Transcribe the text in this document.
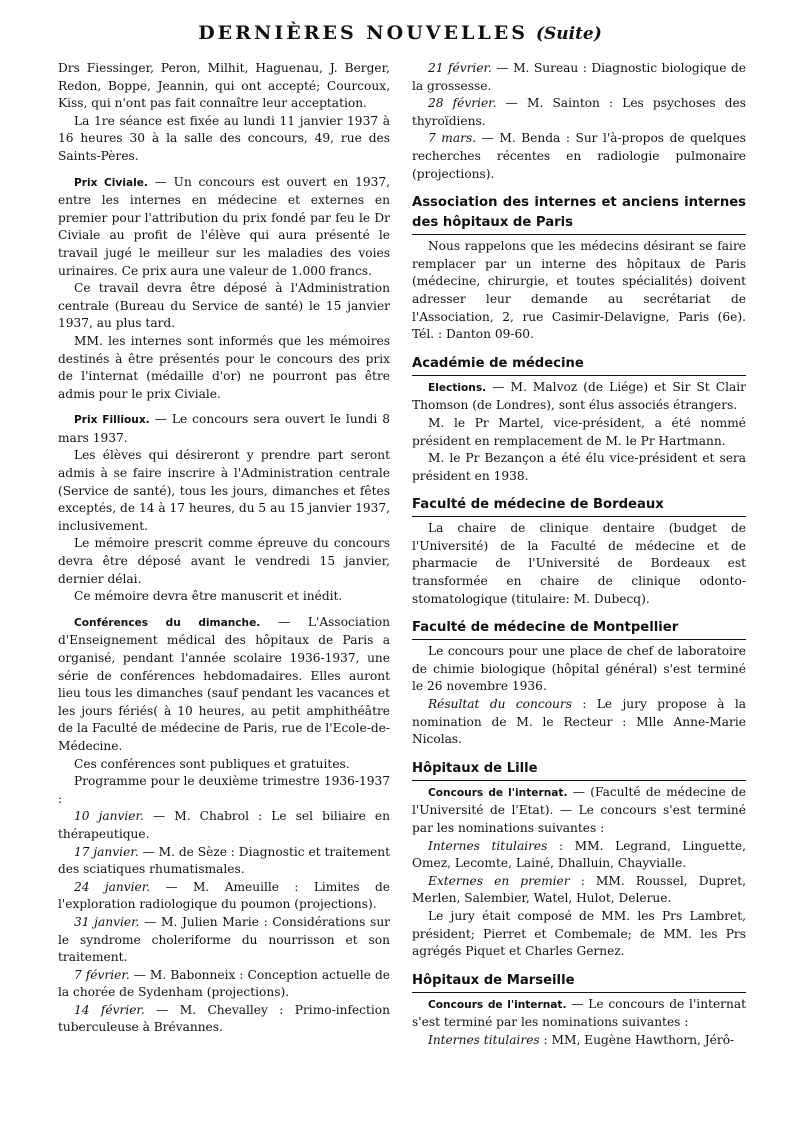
DERNIÈRES NOUVELLES (Suite)

Drs Fiessinger, Peron, Milhit, Haguenau, J. Berger, Redon, Boppe, Jeannin, qui ont accepté; Courcoux, Kiss, qui n'ont pas fait connaître leur acceptation.

La 1re séance est fixée au lundi 11 janvier 1937 à 16 heures 30 à la salle des concours, 49, rue des Saints-Pères.

Prix Civiale. — Un concours est ouvert en 1937, entre les internes en médecine et externes en premier pour l'attribution du prix fondé par feu le Dr Civiale au profit de l'élève qui aura présenté le travail jugé le meilleur sur les maladies des voies urinaires. Ce prix aura une valeur de 1.000 francs.

Ce travail devra être déposé à l'Administration centrale (Bureau du Service de santé) le 15 janvier 1937, au plus tard.

MM. les internes sont informés que les mémoires destinés à être présentés pour le concours des prix de l'internat (médaille d'or) ne pourront pas être admis pour le prix Civiale.

Prix Fillioux. — Le concours sera ouvert le lundi 8 mars 1937.

Les élèves qui désireront y prendre part seront admis à se faire inscrire à l'Administration centrale (Service de santé), tous les jours, dimanches et fêtes exceptés, de 14 à 17 heures, du 5 au 15 janvier 1937, inclusivement.

Le mémoire prescrit comme épreuve du concours devra être déposé avant le vendredi 15 janvier, dernier délai.

Ce mémoire devra être manuscrit et inédit.

Conférences du dimanche. — L'Association d'Enseignement médical des hôpitaux de Paris a organisé, pendant l'année scolaire 1936-1937, une série de conférences hebdomadaires. Elles auront lieu tous les dimanches (sauf pendant les vacances et les jours fériés( à 10 heures, au petit amphithéâtre de la Faculté de médecine de Paris, rue de l'Ecole-de-Médecine.

Ces conférences sont publiques et gratuites.

Programme pour le deuxième trimestre 1936-1937 :

10 janvier. — M. Chabrol : Le sel biliaire en thérapeutique.

17 janvier. — M. de Sèze : Diagnostic et traitement des sciatiques rhumatismales.

24 janvier. — M. Ameuille : Limites de l'exploration radiologique du poumon (projections).

31 janvier. — M. Julien Marie : Considérations sur le syndrome choleriforme du nourrisson et son traitement.

7 février. — M. Babonneix : Conception actuelle de la chorée de Sydenham (projections).

14 février. — M. Chevalley : Primo-infection tuberculeuse à Brévannes.

21 février. — M. Sureau : Diagnostic biologique de la grossesse.

28 février. — M. Sainton : Les psychoses des thyroïdiens.

7 mars. — M. Benda : Sur l'à-propos de quelques recherches récentes en radiologie pulmonaire (projections).

Association des internes et anciens internes des hôpitaux de Paris

Nous rappelons que les médecins désirant se faire remplacer par un interne des hôpitaux de Paris (médecine, chirurgie, et toutes spécialités) doivent adresser leur demande au secrétariat de l'Association, 2, rue Casimir-Delavigne, Paris (6e). Tél. : Danton 09-60.

Académie de médecine

Elections. — M. Malvoz (de Liége) et Sir St Clair Thomson (de Londres), sont élus associés étrangers.

M. le Pr Martel, vice-président, a été nommé président en remplacement de M. le Pr Hartmann.

M. le Pr Bezançon a été élu vice-président et sera président en 1938.

Faculté de médecine de Bordeaux

La chaire de clinique dentaire (budget de l'Université) de la Faculté de médecine et de pharmacie de l'Université de Bordeaux est transformée en chaire de clinique odonto-stomatologique (titulaire: M. Dubecq).

Faculté de médecine de Montpellier

Le concours pour une place de chef de laboratoire de chimie biologique (hôpital général) s'est terminé le 26 novembre 1936.

Résultat du concours : Le jury propose à la nomination de M. le Recteur : Mlle Anne-Marie Nicolas.

Hôpitaux de Lille

Concours de l'internat. — (Faculté de médecine de l'Université de l'Etat). — Le concours s'est terminé par les nominations suivantes :

Internes titulaires : MM. Legrand, Linguette, Omez, Lecomte, Lainé, Dhalluin, Chayvialle.

Externes en premier : MM. Roussel, Dupret, Merlen, Salembier, Watel, Hulot, Delerue.

Le jury était composé de MM. les Prs Lambret, président; Pierret et Combemale; de MM. les Prs agrégés Piquet et Charles Gernez.

Hôpitaux de Marseille

Concours de l'internat. — Le concours de l'internat s'est terminé par les nominations suivantes :

Internes titulaires : MM, Eugène Hawthorn, Jérô-
